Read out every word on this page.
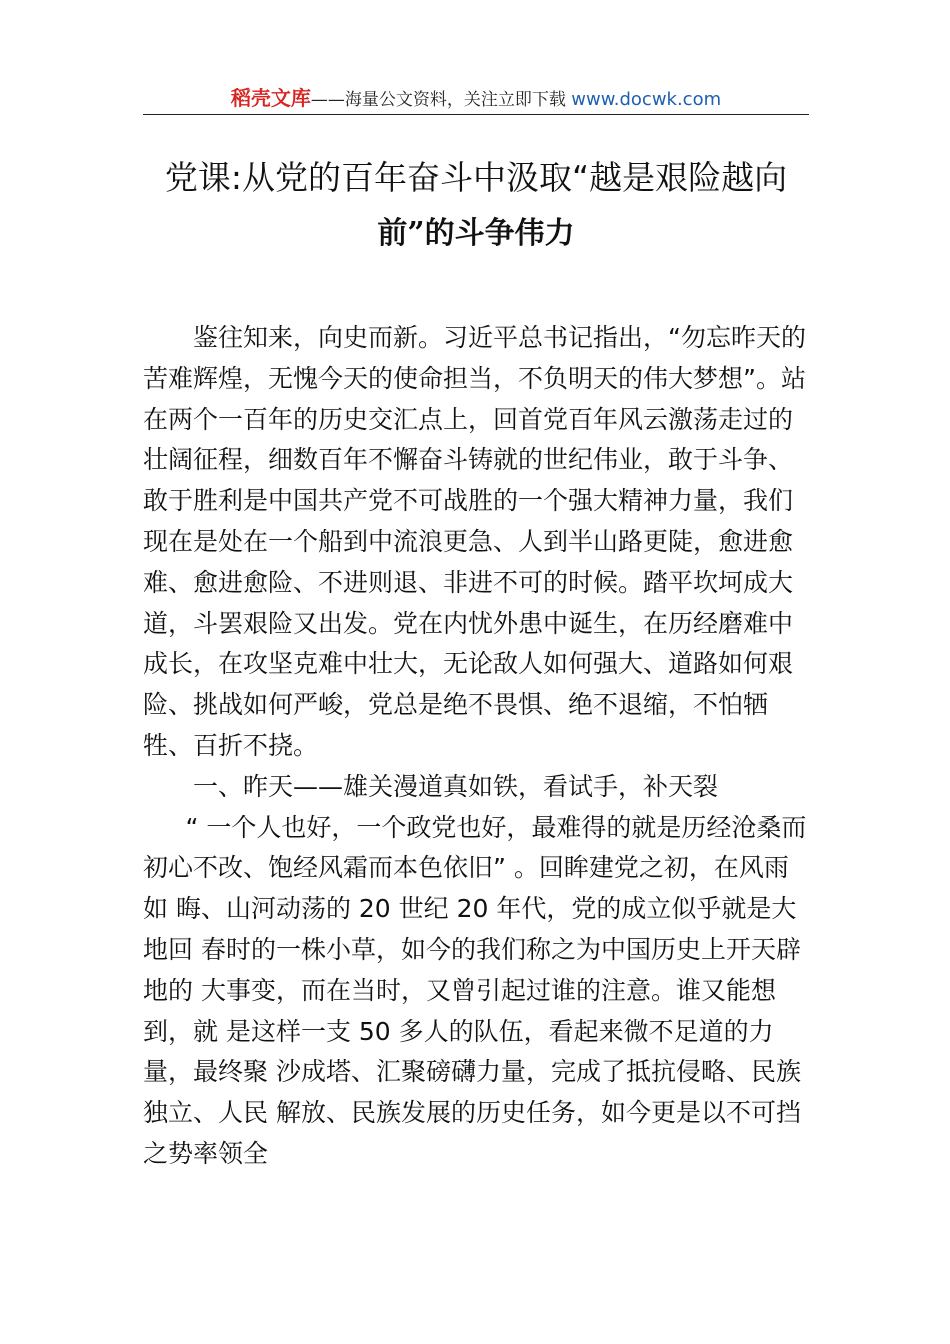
稻壳文库——海量公文资料，关注立即下载 www.docwk.com
党课:从党的百年奋斗中汲取“越是艰险越向
前”的斗争伟力

鉴往知来，向史而新。习近平总书记指出，“勿忘昨天的苦难辉煌，无愧今天的使命担当，不负明天的伟大梦想”。站在两个一百年的历史交汇点上，回首党百年风云激荡走过的壮阔征程，细数百年不懈奋斗铸就的世纪伟业，敢于斗争、敢于胜利是中国共产党不可战胜的一个强大精神力量，我们现在是处在一个船到中流浪更急、人到半山路更陡，愈进愈难、愈进愈险、不进则退、非进不可的时候。踏平坎坷成大道，斗罢艰险又出发。党在内忧外患中诞生，在历经磨难中成长，在攻坚克难中壮大，无论敌人如何强大、道路如何艰险、挑战如何严峻，党总是绝不畏惧、绝不退缩，不怕牺牲、百折不挠。

一、昨天——雄关漫道真如铁，看试手，补天裂

“ 一个人也好，一个政党也好，最难得的就是历经沧桑而 初心不改、饱经风霜而本色依旧” 。回眸建党之初，在风雨如 晦、山河动荡的 20 世纪 20 年代，党的成立似乎就是大地回 春时的一株小草，如今的我们称之为中国历史上开天辟地的 大事变，而在当时，又曾引起过谁的注意。谁又能想到，就 是这样一支 50 多人的队伍，看起来微不足道的力量，最终聚 沙成塔、汇聚磅礴力量，完成了抵抗侵略、民族独立、人民 解放、民族发展的历史任务，如今更是以不可挡之势率领全
